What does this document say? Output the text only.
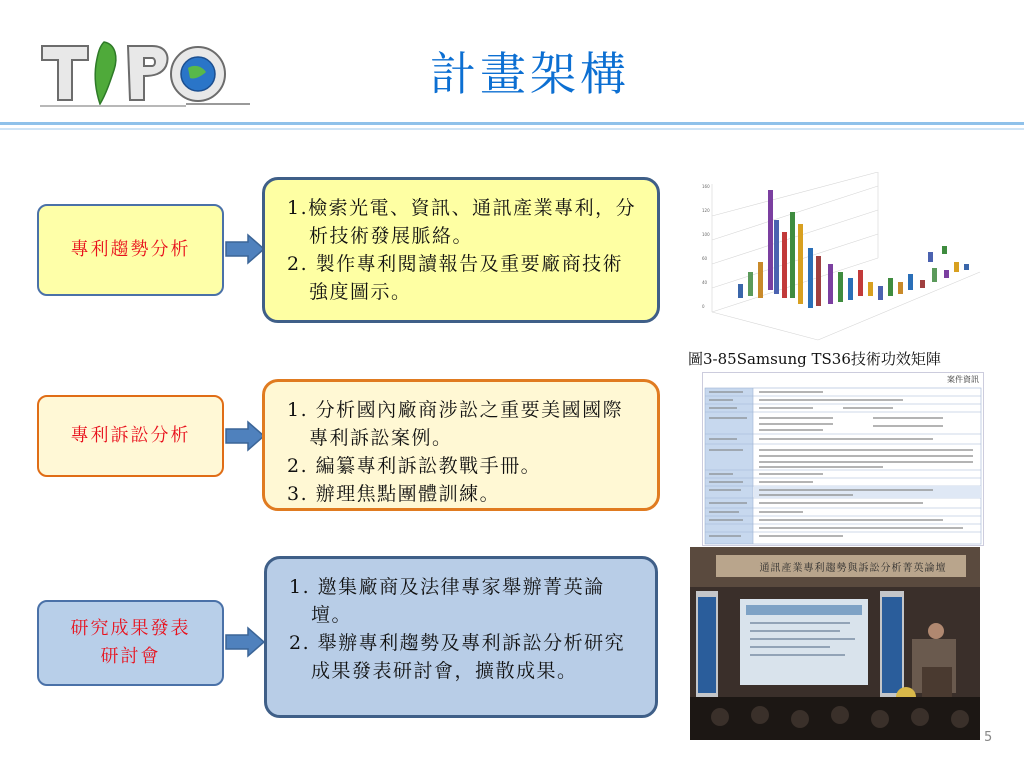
計畫架構
專利趨勢分析
1.檢索光電、資訊、通訊產業專利，分析技術發展脈絡。
2. 製作專利閱讀報告及重要廠商技術強度圖示。
專利訴訟分析
1. 分析國內廠商涉訟之重要美國國際專利訴訟案例。
2. 編纂專利訴訟教戰手冊。
3. 辦理焦點團體訓練。
研究成果發表
研討會
1. 邀集廠商及法律專家舉辦菁英論壇。
2. 舉辦專利趨勢及專利訴訟分析研究成果發表研討會，擴散成果。
160
120
100
60
40
0
圖3-85Samsung TS36技術功效矩陣
案件資訊
通訊產業專利趨勢與訴訟分析菁英論壇
5
